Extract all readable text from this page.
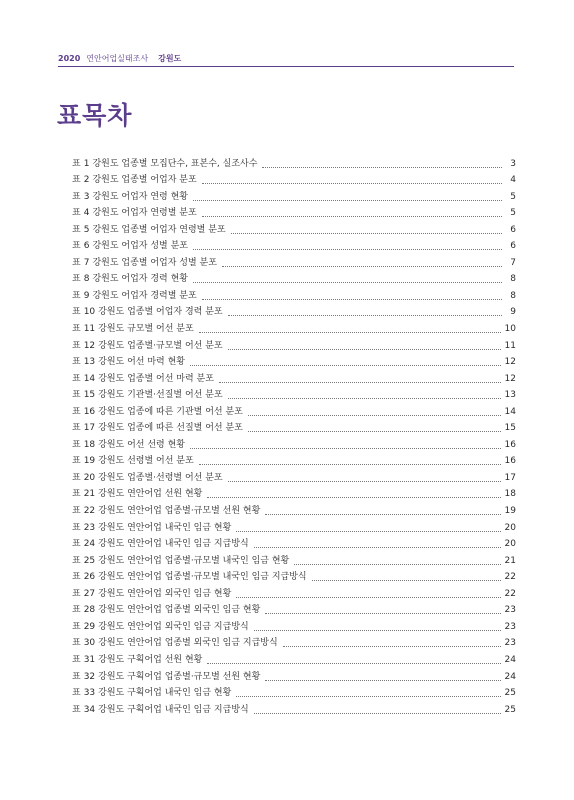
2020 연안어업실태조사 강원도
표목차
표 1 강원도 업종별 모집단수, 표본수, 실조사수	3
표 2 강원도 업종별 어업자 분포	4
표 3 강원도 어업자 연령 현황	5
표 4 강원도 어업자 연령별 분포	5
표 5 강원도 업종별 어업자 연령별 분포	6
표 6 강원도 어업자 성별 분포	6
표 7 강원도 업종별 어업자 성별 분포	7
표 8 강원도 어업자 경력 현황	8
표 9 강원도 어업자 경력별 분포	8
표 10 강원도 업종별 어업자 경력 분포	9
표 11 강원도 규모별 어선 분포	10
표 12 강원도 업종별·규모별 어선 분포	11
표 13 강원도 어선 마력 현황	12
표 14 강원도 업종별 어선 마력 분포	12
표 15 강원도 기관별·선질별 어선 분포	13
표 16 강원도 업종에 따른 기관별 어선 분포	14
표 17 강원도 업종에 따른 선질별 어선 분포	15
표 18 강원도 어선 선령 현황	16
표 19 강원도 선령별 어선 분포	16
표 20 강원도 업종별·선령별 어선 분포	17
표 21 강원도 연안어업 선원 현황	18
표 22 강원도 연안어업 업종별·규모별 선원 현황	19
표 23 강원도 연안어업 내국인 임금 현황	20
표 24 강원도 연안어업 내국인 임금 지급방식	20
표 25 강원도 연안어업 업종별·규모별 내국인 임금 현황	21
표 26 강원도 연안어업 업종별·규모별 내국인 임금 지급방식	22
표 27 강원도 연안어업 외국인 임금 현황	22
표 28 강원도 연안어업 업종별 외국인 임금 현황	23
표 29 강원도 연안어업 외국인 임금 지급방식	23
표 30 강원도 연안어업 업종별 외국인 임금 지급방식	23
표 31 강원도 구획어업 선원 현황	24
표 32 강원도 구획어업 업종별·규모별 선원 현황	24
표 33 강원도 구획어업 내국인 임금 현황	25
표 34 강원도 구획어업 내국인 임금 지급방식	25
